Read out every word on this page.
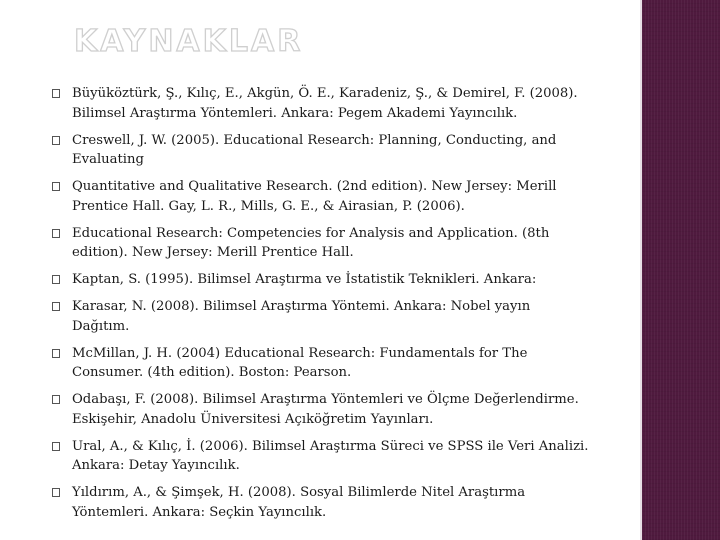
KAYNAKLAR
Büyüköztürk, Ş., Kılıç, E., Akgün, Ö. E., Karadeniz, Ş., & Demirel, F. (2008).
Bilimsel Araştırma Yöntemleri. Ankara: Pegem Akademi Yayıncılık.
Creswell, J. W. (2005). Educational Research: Planning, Conducting, and
Evaluating
Quantitative and Qualitative Research. (2nd edition). New Jersey: Merill
Prentice Hall. Gay, L. R., Mills, G. E., & Airasian, P. (2006).
Educational Research: Competencies for Analysis and Application. (8th
edition). New Jersey: Merill Prentice Hall.
Kaptan, S. (1995). Bilimsel Araştırma ve İstatistik Teknikleri. Ankara:
Karasar, N. (2008). Bilimsel Araştırma Yöntemi. Ankara: Nobel yayın
Dağıtım.
McMillan, J. H. (2004) Educational Research: Fundamentals for The
Consumer. (4th edition). Boston: Pearson.
Odabaşı, F. (2008). Bilimsel Araştırma Yöntemleri ve Ölçme Değerlendirme.
Eskişehir, Anadolu Üniversitesi Açıköğretim Yayınları.
Ural, A., & Kılıç, İ. (2006). Bilimsel Araştırma Süreci ve SPSS ile Veri Analizi.
Ankara: Detay Yayıncılık.
Yıldırım, A., & Şimşek, H. (2008). Sosyal Bilimlerde Nitel Araştırma
Yöntemleri. Ankara: Seçkin Yayıncılık.
